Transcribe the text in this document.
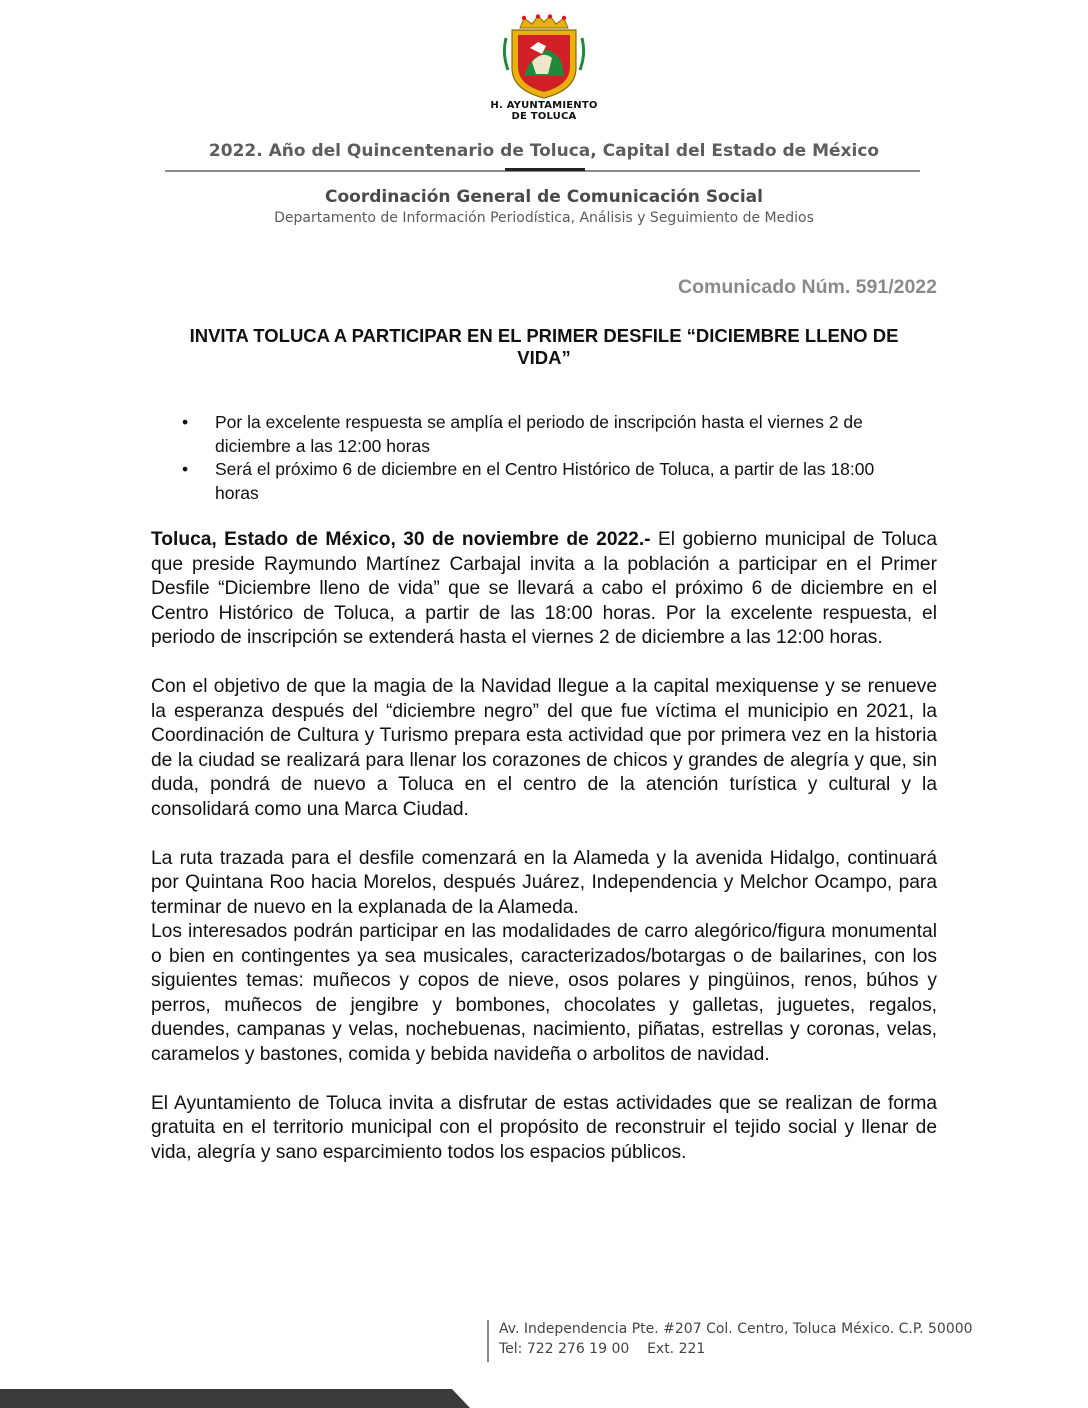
H. AYUNTAMIENTO
DE TOLUCA
2022. Año del Quincentenario de Toluca, Capital del Estado de México
Coordinación General de Comunicación Social
Departamento de Información Periodística, Análisis y Seguimiento de Medios
Comunicado Núm. 591/2022
INVITA TOLUCA A PARTICIPAR EN EL PRIMER DESFILE “DICIEMBRE LLENO DE VIDA”
• Por la excelente respuesta se amplía el periodo de inscripción hasta el viernes 2 de diciembre a las 12:00 horas
• Será el próximo 6 de diciembre en el Centro Histórico de Toluca, a partir de las 18:00 horas

Toluca, Estado de México, 30 de noviembre de 2022.- El gobierno municipal de Toluca que preside Raymundo Martínez Carbajal invita a la población a participar en el Primer Desfile “Diciembre lleno de vida” que se llevará a cabo el próximo 6 de diciembre en el Centro Histórico de Toluca, a partir de las 18:00 horas. Por la excelente respuesta, el periodo de inscripción se extenderá hasta el viernes 2 de diciembre a las 12:00 horas.

Con el objetivo de que la magia de la Navidad llegue a la capital mexiquense y se renueve la esperanza después del “diciembre negro” del que fue víctima el municipio en 2021, la Coordinación de Cultura y Turismo prepara esta actividad que por primera vez en la historia de la ciudad se realizará para llenar los corazones de chicos y grandes de alegría y que, sin duda, pondrá de nuevo a Toluca en el centro de la atención turística y cultural y la consolidará como una Marca Ciudad.

La ruta trazada para el desfile comenzará en la Alameda y la avenida Hidalgo, continuará por Quintana Roo hacia Morelos, después Juárez, Independencia y Melchor Ocampo, para terminar de nuevo en la explanada de la Alameda.

Los interesados podrán participar en las modalidades de carro alegórico/figura monumental o bien en contingentes ya sea musicales, caracterizados/botargas o de bailarines, con los siguientes temas: muñecos y copos de nieve, osos polares y pingüinos, renos, búhos y perros, muñecos de jengibre y bombones, chocolates y galletas, juguetes, regalos, duendes, campanas y velas, nochebuenas, nacimiento, piñatas, estrellas y coronas, velas, caramelos y bastones, comida y bebida navideña o arbolitos de navidad.

El Ayuntamiento de Toluca invita a disfrutar de estas actividades que se realizan de forma gratuita en el territorio municipal con el propósito de reconstruir el tejido social y llenar de vida, alegría y sano esparcimiento todos los espacios públicos.

Av. Independencia Pte. #207 Col. Centro, Toluca México. C.P. 50000
Tel: 722 276 19 00    Ext. 221
